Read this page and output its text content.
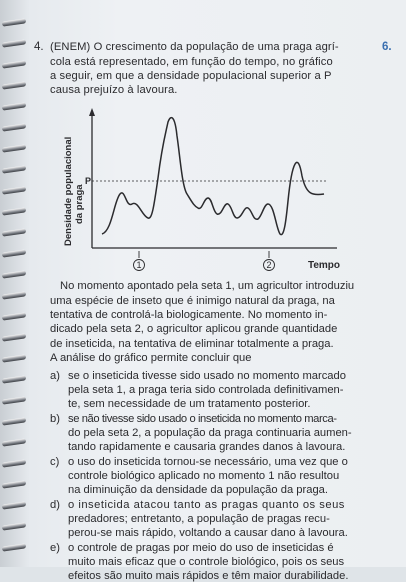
4.	6.
(ENEM) O crescimento da população de uma praga agrí-
cola está representado, em função do tempo, no gráfico
a seguir, em que a densidade populacional superior a P
causa prejuízo à lavoura.
Densidade populacional da praga
P
1	2	Tempo
No momento apontado pela seta 1, um agricultor introduziu
uma espécie de inseto que é inimigo natural da praga, na
tentativa de controlá-la biologicamente. No momento in-
dicado pela seta 2, o agricultor aplicou grande quantidade
de inseticida, na tentativa de eliminar totalmente a praga.
A análise do gráfico permite concluir que
a) se o inseticida tivesse sido usado no momento marcado
pela seta 1, a praga teria sido controlada definitivamen-
te, sem necessidade de um tratamento posterior.
b) se não tivesse sido usado o inseticida no momento marca-
do pela seta 2, a população da praga continuaria aumen-
tando rapidamente e causaria grandes danos à lavoura.
c) o uso do inseticida tornou-se necessário, uma vez que o
controle biológico aplicado no momento 1 não resultou
na diminuição da densidade da população da praga.
d) o inseticida atacou tanto as pragas quanto os seus
predadores; entretanto, a população de pragas recu-
perou-se mais rápido, voltando a causar dano à lavoura.
e) o controle de pragas por meio do uso de inseticidas é
muito mais eficaz que o controle biológico, pois os seus
efeitos são muito mais rápidos e têm maior durabilidade.
